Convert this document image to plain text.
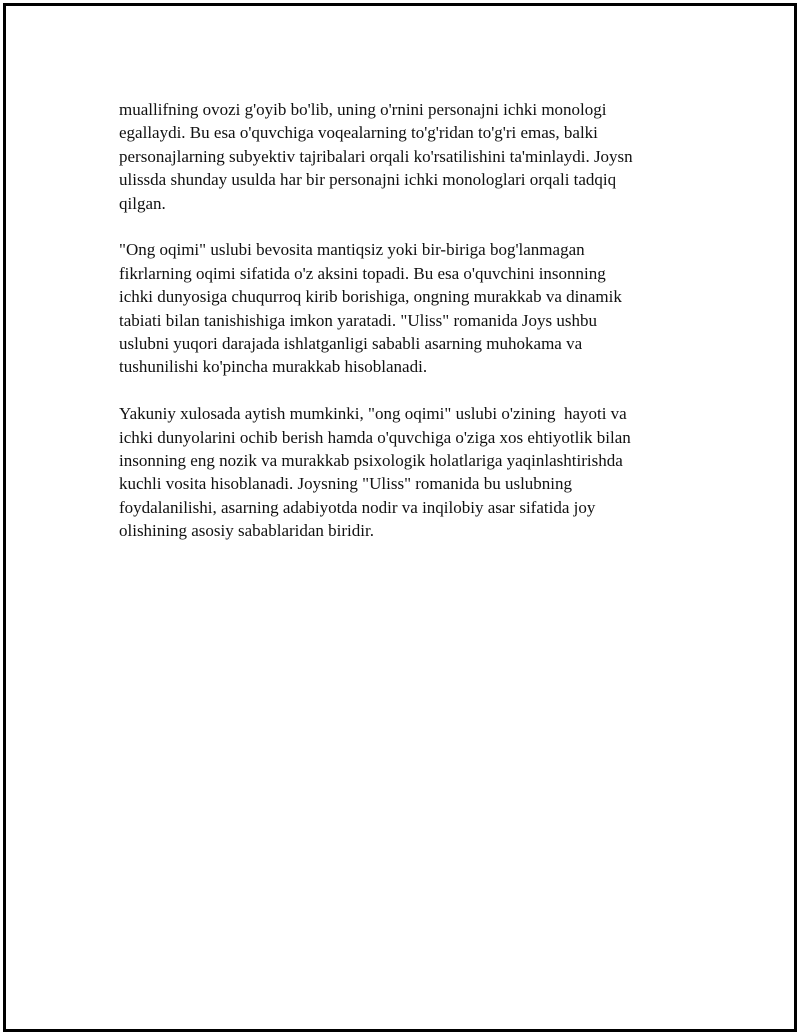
muallifning ovozi g'oyib bo'lib, uning o'rnini personajni ichki monologi
egallaydi. Bu esa o'quvchiga voqealarning to'g'ridan to'g'ri emas, balki
personajlarning subyektiv tajribalari orqali ko'rsatilishini ta'minlaydi. Joysn
ulissda shunday usulda har bir personajni ichki monologlari orqali tadqiq
qilgan.

"Ong oqimi" uslubi bevosita mantiqsiz yoki bir-biriga bog'lanmagan
fikrlarning oqimi sifatida o'z aksini topadi. Bu esa o'quvchini insonning
ichki dunyosiga chuqurroq kirib borishiga, ongning murakkab va dinamik
tabiati bilan tanishishiga imkon yaratadi. "Uliss" romanida Joys ushbu
uslubni yuqori darajada ishlatganligi sababli asarning muhokama va
tushunilishi ko'pincha murakkab hisoblanadi.

Yakuniy xulosada aytish mumkinki, "ong oqimi" uslubi o'zining  hayoti va
ichki dunyolarini ochib berish hamda o'quvchiga o'ziga xos ehtiyotlik bilan
insonning eng nozik va murakkab psixologik holatlariga yaqinlashtirishda
kuchli vosita hisoblanadi. Joysning "Uliss" romanida bu uslubning
foydalanilishi, asarning adabiyotda nodir va inqilobiy asar sifatida joy
olishining asosiy sabablaridan biridir.
